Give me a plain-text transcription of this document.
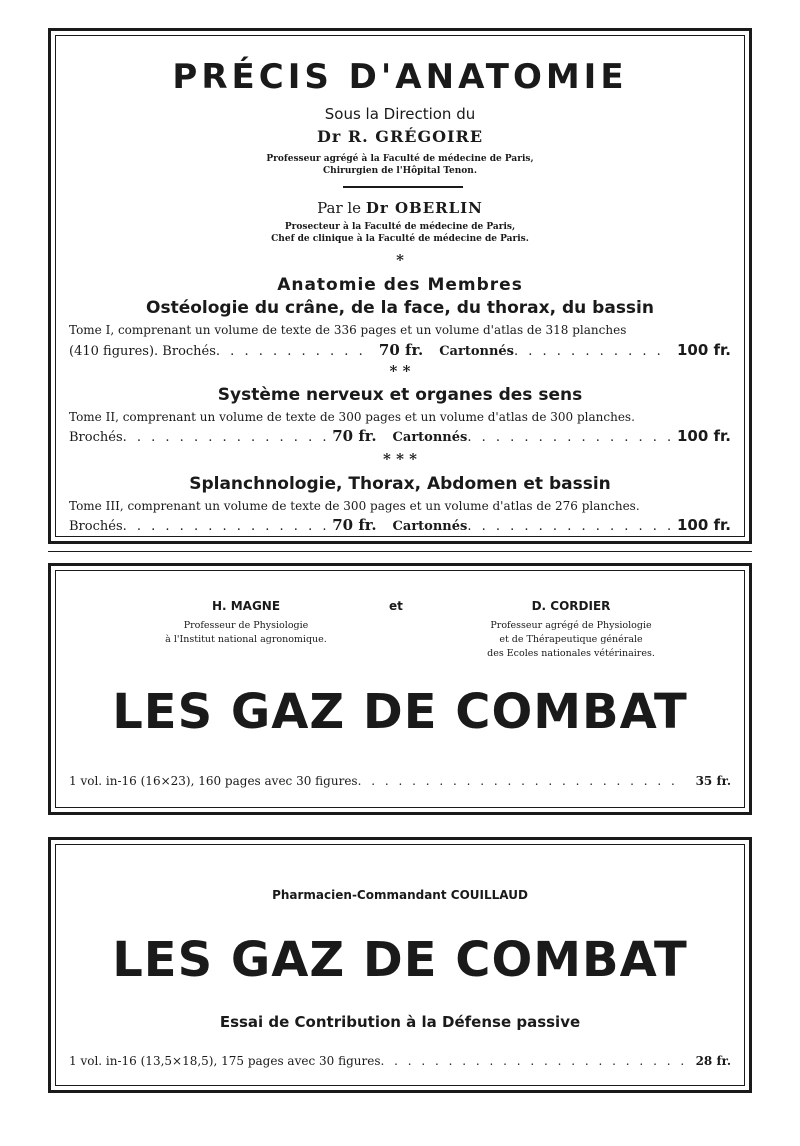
PRÉCIS D'ANATOMIE
Sous la Direction du
Dr R. GRÉGOIRE
Professeur agrégé à la Faculté de médecine de Paris,
Chirurgien de l'Hôpital Tenon.
Par le Dr OBERLIN
Prosecteur à la Faculté de médecine de Paris,
Chef de clinique à la Faculté de médecine de Paris.
*
Anatomie des Membres
Ostéologie du crâne, de la face, du thorax, du bassin
Tome I, comprenant un volume de texte de 336 pages et un volume d'atlas de 318 planches
(410 figures). Brochés . . .	70 fr. Cartonnés . . .	100 fr.
* *
Système nerveux et organes des sens
Tome II, comprenant un volume de texte de 300 pages et un volume d'atlas de 300 planches.
Brochés . . .	70 fr. Cartonnés . . .	100 fr.
* * *
Splanchnologie, Thorax, Abdomen et bassin
Tome III, comprenant un volume de texte de 300 pages et un volume d'atlas de 276 planches.
Brochés . . .	70 fr. Cartonnés . . .	100 fr.
H. MAGNE
Professeur de Physiologie
à l'Institut national agronomique.
et	D. CORDIER
Professeur agrégé de Physiologie
et de Thérapeutique générale
des Ecoles nationales vétérinaires.
LES GAZ DE COMBAT
1 vol. in-16 (16×23), 160 pages avec 30 figures . . .	35 fr.
Pharmacien-Commandant COUILLAUD
LES GAZ DE COMBAT
Essai de Contribution à la Défense passive
1 vol. in-16 (13,5×18,5), 175 pages avec 30 figures . . .	28 fr.
